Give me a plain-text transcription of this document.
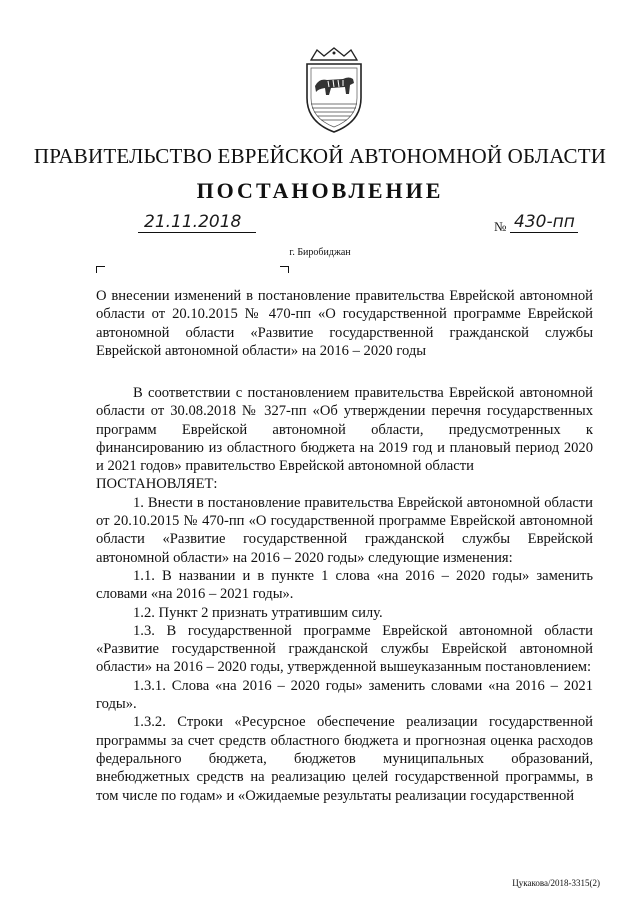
ПРАВИТЕЛЬСТВО ЕВРЕЙСКОЙ АВТОНОМНОЙ ОБЛАСТИ
ПОСТАНОВЛЕНИЕ
21.11.2018	№ 430-пп
г. Биробиджан

О внесении изменений в постановление правительства Еврейской автономной области от 20.10.2015 № 470-пп «О государственной программе Еврейской автономной области «Развитие государственной гражданской службы Еврейской автономной области» на 2016 – 2020 годы

В соответствии с постановлением правительства Еврейской автономной области от 30.08.2018 № 327-пп «Об утверждении перечня государственных программ Еврейской автономной области, предусмотренных к финансированию из областного бюджета на 2019 год и плановый период 2020 и 2021 годов» правительство Еврейской автономной области

ПОСТАНОВЛЯЕТ:

1. Внести в постановление правительства Еврейской автономной области от 20.10.2015 № 470-пп «О государственной программе Еврейской автономной области «Развитие государственной гражданской службы Еврейской автономной области» на 2016 – 2020 годы» следующие изменения:

1.1. В названии и в пункте 1 слова «на 2016 – 2020 годы» заменить словами «на 2016 – 2021 годы».

1.2. Пункт 2 признать утратившим силу.

1.3. В государственной программе Еврейской автономной области «Развитие государственной гражданской службы Еврейской автономной области» на 2016 – 2020 годы, утвержденной вышеуказанным постановлением:

1.3.1. Слова «на 2016 – 2020 годы» заменить словами «на 2016 – 2021 годы».

1.3.2. Строки «Ресурсное обеспечение реализации государственной программы за счет средств областного бюджета и прогнозная оценка расходов федерального бюджета, бюджетов муниципальных образований, внебюджетных средств на реализацию целей государственной программы, в том числе по годам» и «Ожидаемые результаты реализации государственной

Цукакова/2018-3315(2)
